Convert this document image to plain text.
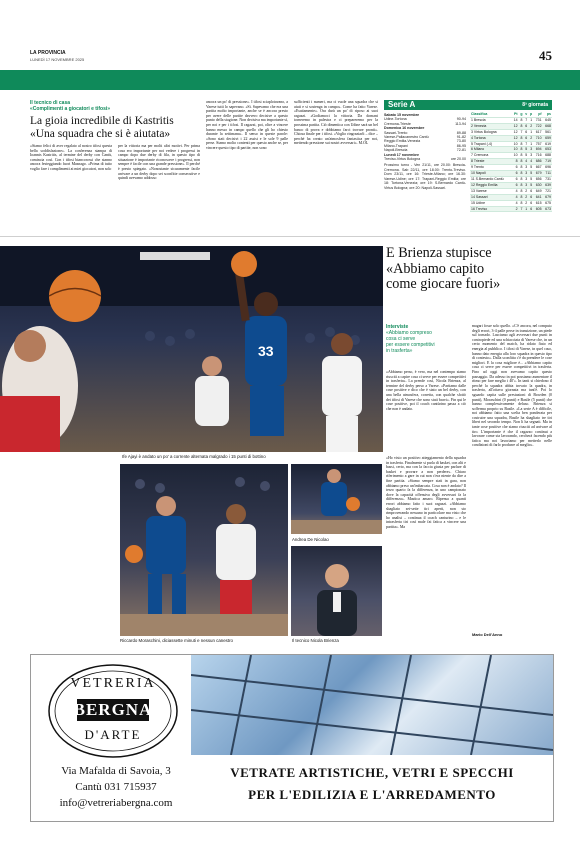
LA PROVINCIA
LUNEDÌ 17 NOVEMBRE 2025	45
Il tecnico di casa
«Complimenti a giocatori e tifosi»
La gioia incredibile di Kastritis
«Una squadra che si è aiutata»
«Siamo felici di aver regalato al nostro tifosi questa bella soddisfazione». La conferenza stampa di Ioannis Kastritis, al termine del derby con Cantù, comincia così. Con i tifosi biancorossi che stanno ancora festeggiando fuori Masnago. «Prima di tutto voglio fare i complimenti ai miei giocatori, non solo
per la vittoria ma per molti altri motivi. Per prima cosa ero importante per noi vedere i progressi in campo dopo due derby di fila, in questo tipo di situazione è importante riconoscere i progressi, non sempre è facile con una grande pressione». Il perché è presto spiegato. «Nonostante sicuramente facile arrivare a un derby dopo sei sconfitte consecutive e quindi avevamo addosso
ancora un po' di pressione». I tifosi sciaplotavano, a Varese tutti lo sapevano. «Sì. Sapevamo che era una partita molto importante, anche se è ancora presto per avere delle partite davvero decisive a questo punto della stagione. Non decisiva ma importante sì, per noi e per i tifosi. Il ragazzi, poi, oltre a vincere hanno messo in campo quello che gli ho chiesto durante la settimana». Il senso in queste parole: «Sono stati decisivi i 22 assist e le sole 9 palle perse. Siamo molto contenti per questo anche se, per vincere questo tipo di partite, non sono
sufficienti i numeri, ma ci vuole una squadra che si aiuti e si sostenga in campo». Come ha fatto Varese. «Esattamente». Ora darà un po' di riposo ai suoi ragazzi. «Godiamoci la vittoria. Da domani torneremo in palestra e ci prepareremo per la prossima partita. Ciò dimentica con Udine sarà un bel banco di prova e dobbiamo farci trovare pronti». Chiosa finale per i tifosi. «Voglio ringraziarli – dice – perché ha creato un'atmosfera fantastica per noi, mettendo pressione sui nostri avversari». M.OL
Serie A	8ª giornata
Sabato 15 novembre
Udine-Tortona	90-94
Cremona-Trieste	113-94
Domenica 16 novembre
Sassari-Trento	89-88
Varese-Pallacanestro Cantù	91-82
Reggio Emilia-Venezia	73-80
Milano-Trapani	86-95
Napoli-Brescia	72-81
Lunedì 17 novembre
Treviso-Virtus Bologna	ore 20.00
Prossimo turno - Ven 21/11, ore 20.00: Brescia-Cremona. Sab 22/11, ore 18.00: Trento-Treviso. Dom 23/11, ore 16: Trieste-Milano; ore 16.30: Varese-Udine; ore 17: Trapani-Reggio Emilia; ore 18: Tortona-Venezia; ore 19: S.Bernardo Cantù-Virtus Bologna; ore 20: Napoli-Sassari.
Classifica	Pt	g	v	p	pf	ps
1 Brescia	14	8	7	1	731	645
2 Venezia	12	8	6	2	722	668
3 Virtus Bologna	12	7	6	1	617	561
4 Tortona	12	8	6	2	710	659
5 Trapani (-4)	10	8	7	1	757	619
6 Milano	10	8	5	3	694	653
7 Cremona	10	8	5	3	716	688
8 Trieste	8	8	4	4	686	719
9 Trento	6	8	3	5	667	696
10 Napoli	6	8	3	5	679	711
11 S.Bernardo Cantù	6	8	3	5	656	731
12 Reggio Emilia	6	8	3	5	630	639
13 Varese	4	8	2	6	649	721
14 Sassari	4	8	2	6	641	679
15 Udine	4	8	2	6	615	675
16 Treviso	2	7	1	6	605	673
33
Ife Ajayi è andato un po' a corrente alternata malgrado i 15 punti di bottino
Riccardo Moraschini, diciassette minuti e nessun canestro
Andrea De Nicolao
Il tecnico Nicola Brienza
E Brienza stupisce
«Abbiamo capito
come giocare fuori»
Interviste
«Abbiamo compreso
cosa ci serve
per essere competitivi
in trasferta»
«Abbiamo perso, è vero, ma nel contempo siamo riusciti a capire cosa ci serve per essere competitivi in trasferta». La prende così, Nicola Brienza, al termine del derby perso a Varese. «Partiamo dalle cose positive e dico che è stato un bel derby, con una bella atmosfera, corretta, con qualche sfottò dei tifosi di Varese che sono stati bravi». Fin qui le cose positive, poi il coach cantùrino passa a ciò che non è andato.
«Ho visto un positivo atteggiamento della squadra in trasferta. Finalmente si parla di basket, con alti e bassi, certo, ma con la faccia giusta per parlare di basket e provare a non perdere». Chiaro riferimento a gare in cui non c'era niente da dire a fine partita. «Siamo sempre stati in gara, non abbiamo preso un'imbarcata. Cosa non è andato? Il terzo quarto fa la differenza, in uno campionato dove la capacità offensiva degli avversari fa la differenza». Mastica amaro. Ripensa a quanti errori abbiamo fatto i suoi ragazzi. «Abbiamo sbagliato sei-sette tiri aperti, non sto rimproverando nessuno in particolare ma visto che ho analisi – continua il coach canturino – e le intrasferta tiri così male fai fatica a vincere una partita». Ma
magari fosse solo quello. «C'è ancora, nel computo degli errori, 3-4 palle perse in transizione, un piede sul tornado. Lasciamo agli avversari due punti in contropiede ed una schiacciata di Varese che, in un certo momento del match, ha ridato fiato ed energia al pubblico. I tifosi di Varese, in quel caso, hanno dato energia alla loro squadra in questo tipo di contesto». Dalla sconfitta c'è da prendere le cose migliori. E la cosa migliore è... «Abbiamo capito cosa ci serve per essere competitivi in trasferta. Fino ad oggi non avevamo capito questo passaggio. Da adesso in poi possiamo aumentare il ritmo per fare meglio i 40'». In tanti si chiedono il perché la squadra abbia trovato la quadra, in trasferta, all'ottava giornata ma tant'è. Poi lo sguardo capita sulle prestazioni di Bowden (0 punti), Moraschini (0 punti) e Basile (5 punti) che hanno complessivamente deluso. Brienza si sofferma proprio su Basile. «La serie A è difficile, noi abbiamo fatto una scelta ben ponderata per costruire una squadra, Basile ha sbagliato tre tiri liberi nel secondo tempo. Non li ha segnati. Ma in tante cose positive che siamo riusciti ad arrivare al tiro. L'importante è che il ragazzo continui a lavorare come sta lavorando, cercherà facendo più fatica ma noi lavoriamo per metterlo nelle condizioni di farlo produrre al meglio».
Mario Dell'Anno
VETRERIA
BERGNA
D'ARTE
Via Mafalda di Savoia, 3
Cantù 031 715937
info@vetreriabergna.com
VETRATE ARTISTICHE, VETRI E SPECCHI
PER L'EDILIZIA E L'ARREDAMENTO
